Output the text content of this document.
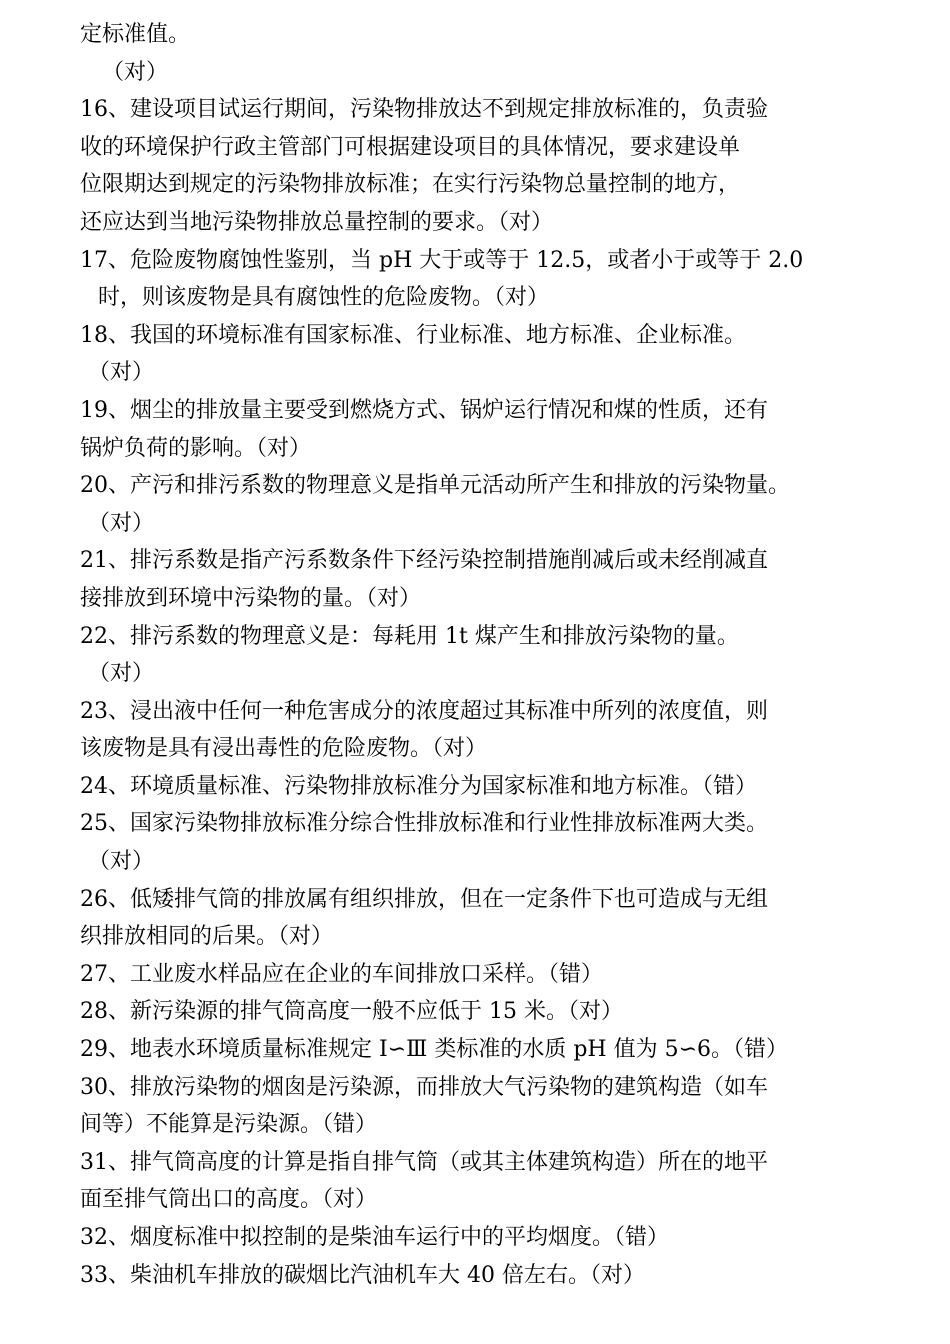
定标准值。
（对）
16、建设项目试运行期间，污染物排放达不到规定排放标准的，负责验
收的环境保护行政主管部门可根据建设项目的具体情况，要求建设单
位限期达到规定的污染物排放标准；在实行污染物总量控制的地方，
还应达到当地污染物排放总量控制的要求。（对）
17、危险废物腐蚀性鉴别，当 pH 大于或等于 12.5，或者小于或等于 2.0
时，则该废物是具有腐蚀性的危险废物。（对）
18、我国的环境标准有国家标准、行业标准、地方标准、企业标准。
（对）
19、烟尘的排放量主要受到燃烧方式、锅炉运行情况和煤的性质，还有
锅炉负荷的影响。（对）
20、产污和排污系数的物理意义是指单元活动所产生和排放的污染物量。
（对）
21、排污系数是指产污系数条件下经污染控制措施削减后或未经削减直
接排放到环境中污染物的量。（对）
22、排污系数的物理意义是：每耗用 1t 煤产生和排放污染物的量。
（对）
23、浸出液中任何一种危害成分的浓度超过其标准中所列的浓度值，则
该废物是具有浸出毒性的危险废物。（对）
24、环境质量标准、污染物排放标准分为国家标准和地方标准。（错）
25、国家污染物排放标准分综合性排放标准和行业性排放标准两大类。
（对）
26、低矮排气筒的排放属有组织排放，但在一定条件下也可造成与无组
织排放相同的后果。（对）
27、工业废水样品应在企业的车间排放口采样。（错）
28、新污染源的排气筒高度一般不应低于 15 米。（对）
29、地表水环境质量标准规定 I∽Ⅲ 类标准的水质 pH 值为 5∽6。（错）
30、排放污染物的烟囱是污染源，而排放大气污染物的建筑构造（如车
间等）不能算是污染源。（错）
31、排气筒高度的计算是指自排气筒（或其主体建筑构造）所在的地平
面至排气筒出口的高度。（对）
32、烟度标准中拟控制的是柴油车运行中的平均烟度。（错）
33、柴油机车排放的碳烟比汽油机车大 40 倍左右。（对）
